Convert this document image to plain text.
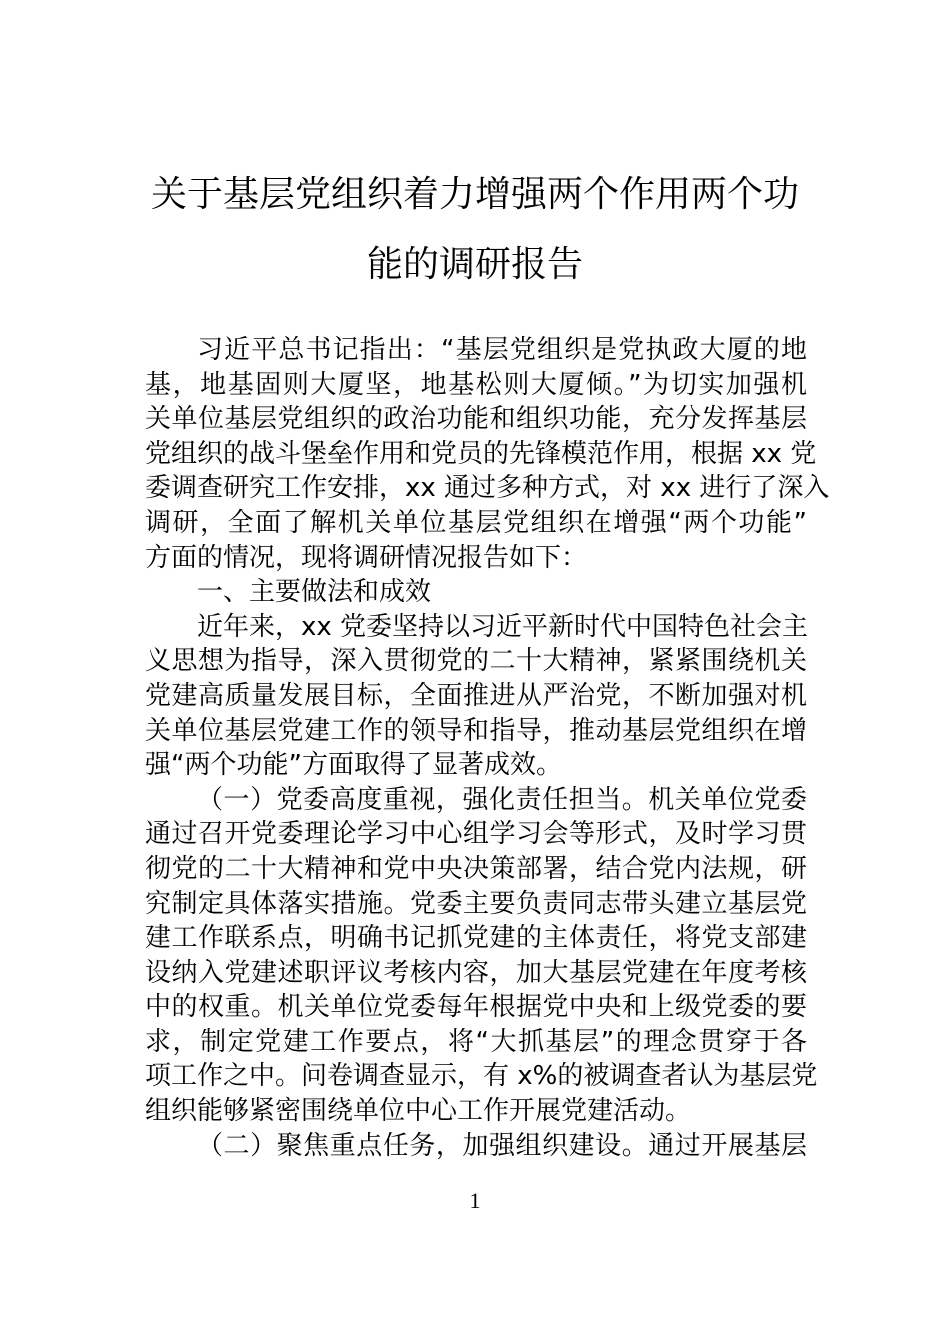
关于基层党组织着力增强两个作用两个功
能的调研报告
习近平总书记指出：“基层党组织是党执政大厦的地
基，地基固则大厦坚，地基松则大厦倾。”为切实加强机
关单位基层党组织的政治功能和组织功能，充分发挥基层
党组织的战斗堡垒作用和党员的先锋模范作用，根据 xx 党
委调查研究工作安排，xx 通过多种方式，对 xx 进行了深入
调研，全面了解机关单位基层党组织在增强“两个功能”
方面的情况，现将调研情况报告如下：
一、主要做法和成效
近年来，xx 党委坚持以习近平新时代中国特色社会主
义思想为指导，深入贯彻党的二十大精神，紧紧围绕机关
党建高质量发展目标，全面推进从严治党，不断加强对机
关单位基层党建工作的领导和指导，推动基层党组织在增
强“两个功能”方面取得了显著成效。
（一）党委高度重视，强化责任担当。机关单位党委
通过召开党委理论学习中心组学习会等形式，及时学习贯
彻党的二十大精神和党中央决策部署，结合党内法规，研
究制定具体落实措施。党委主要负责同志带头建立基层党
建工作联系点，明确书记抓党建的主体责任，将党支部建
设纳入党建述职评议考核内容，加大基层党建在年度考核
中的权重。机关单位党委每年根据党中央和上级党委的要
求，制定党建工作要点，将“大抓基层”的理念贯穿于各
项工作之中。问卷调查显示，有 x%的被调查者认为基层党
组织能够紧密围绕单位中心工作开展党建活动。
（二）聚焦重点任务，加强组织建设。通过开展基层
1
